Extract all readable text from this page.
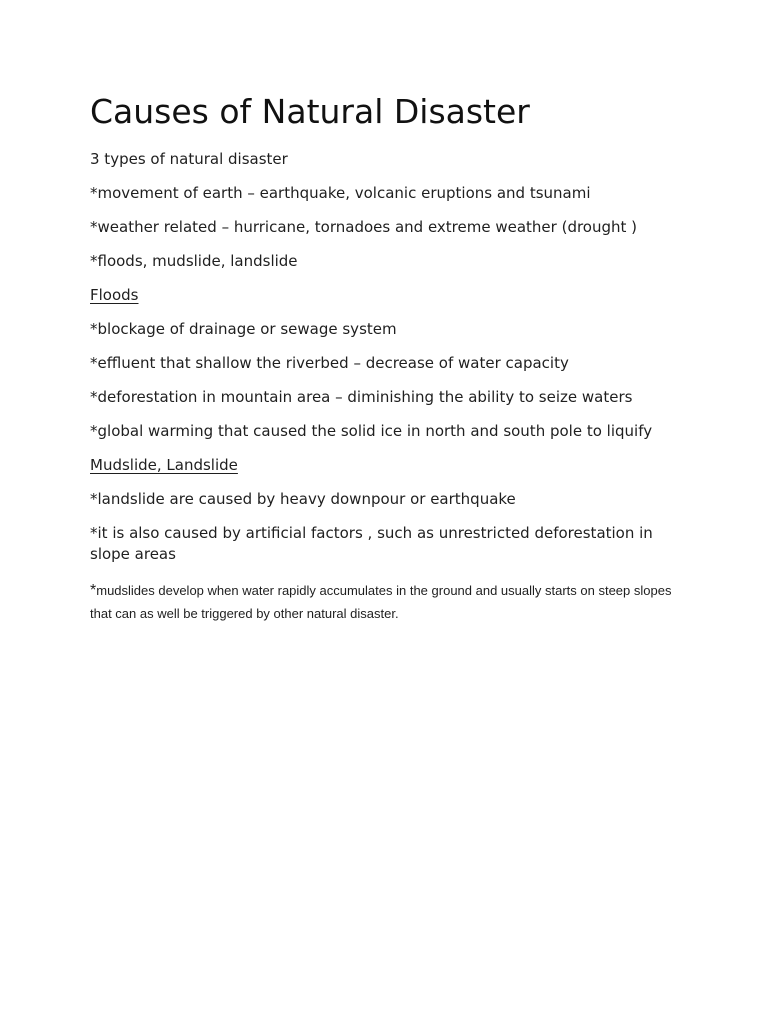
Causes of Natural Disaster

3 types of natural disaster

*movement of earth – earthquake, volcanic eruptions and tsunami

*weather related – hurricane, tornadoes and extreme weather (drought )

*floods, mudslide, landslide

Floods

*blockage of drainage or sewage system

*effluent that shallow the riverbed – decrease of water capacity

*deforestation in mountain area – diminishing the ability to seize waters

*global warming that caused the solid ice in north and south pole to liquify

Mudslide, Landslide

*landslide are caused by heavy downpour or earthquake

*it is also caused by artificial factors , such as unrestricted deforestation in slope areas

*mudslides develop when water rapidly accumulates in the ground and usually starts on steep slopes that can as well be triggered by other natural disaster.
